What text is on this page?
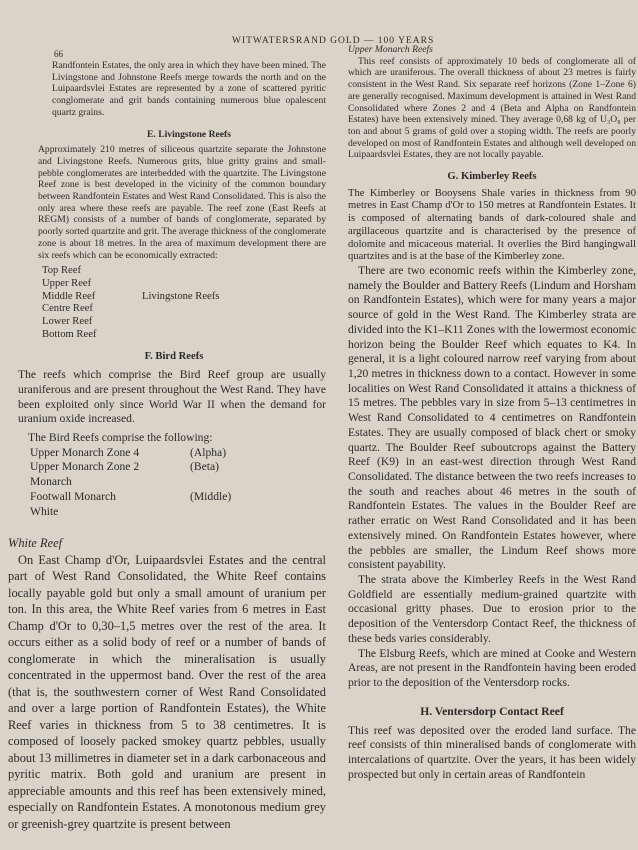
66
WITWATERSRAND GOLD — 100 YEARS

Randfontein Estates, the only area in which they have been mined. The Livingstone and Johnstone Reefs merge towards the north and on the Luipaardsvlei Estates are represented by a zone of scattered pyritic conglomerate and grit bands containing numerous blue opalescent quartz grains.

E. Livingstone Reefs

Approximately 210 metres of siliceous quartzite separate the Johnstone and Livingstone Reefs. Numerous grits, blue gritty grains and small-pebble conglomerates are interbedded with the quartzite. The Livingstone Reef zone is best developed in the vicinity of the common boundary between Randfontein Estates and West Rand Consolidated. This is also the only area where these reefs are payable. The reef zone (East Reefs at REGM) consists of a number of bands of conglomerate, separated by poorly sorted quartzite and grit. The average thickness of the conglomerate zone is about 18 metres. In the area of maximum development there are six reefs which can be economically extracted:

Top Reef
Upper Reef
Middle Reef	Livingstone Reefs
Centre Reef
Lower Reef
Bottom Reef
F. Bird Reefs

The reefs which comprise the Bird Reef group are usually uraniferous and are present throughout the West Rand. They have been exploited only since World War II when the demand for uranium oxide increased.

The Bird Reefs comprise the following:

Upper Monarch Zone 4	(Alpha)
Upper Monarch Zone 2	(Beta)
Monarch
Footwall Monarch	(Middle)
White
White Reef

On East Champ d'Or, Luipaardsvlei Estates and the central part of West Rand Consolidated, the White Reef contains locally payable gold but only a small amount of uranium per ton. In this area, the White Reef varies from 6 metres in East Champ d'Or to 0,30–1,5 metres over the rest of the area. It occurs either as a solid body of reef or a number of bands of conglomerate in which the mineralisation is usually concentrated in the uppermost band. Over the rest of the area (that is, the southwestern corner of West Rand Consolidated and over a large portion of Randfontein Estates), the White Reef varies in thickness from 5 to 38 centimetres. It is composed of loosely packed smokey quartz pebbles, usually about 13 millimetres in diameter set in a dark carbonaceous and pyritic matrix. Both gold and uranium are present in appreciable amounts and this reef has been extensively mined, especially on Randfontein Estates. A monotonous medium grey or greenish-grey quartzite is present between

Upper Monarch Reefs

This reef consists of approximately 10 beds of conglomerate all of which are uraniferous. The overall thickness of about 23 metres is fairly consistent in the West Rand. Six separate reef horizons (Zone 1–Zone 6) are generally recognised. Maximum development is attained in West Rand Consolidated where Zones 2 and 4 (Beta and Alpha on Randfontein Estates) have been extensively mined. They average 0,68 kg of U₃O₈ per ton and about 5 grams of gold over a stoping width. The reefs are poorly developed on most of Randfontein Estates and although well developed on Luipaardsvlei Estates, they are not locally payable.

G. Kimberley Reefs

The Kimberley or Booysens Shale varies in thickness from 90 metres in East Champ d'Or to 150 metres at Randfontein Estates. It is composed of alternating bands of dark-coloured shale and argillaceous quartzite and is characterised by the presence of dolomite and micaceous material. It overlies the Bird hangingwall quartzites and is at the base of the Kimberley zone.

There are two economic reefs within the Kimberley zone, namely the Boulder and Battery Reefs (Lindum and Horsham on Randfontein Estates), which were for many years a major source of gold in the West Rand. The Kimberley strata are divided into the K1–K11 Zones with the lowermost economic horizon being the Boulder Reef which equates to K4. In general, it is a light coloured narrow reef varying from about 1,20 metres in thickness down to a contact. However in some localities on West Rand Consolidated it attains a thickness of 15 metres. The pebbles vary in size from 5–13 centimetres in West Rand Consolidated to 4 centimetres on Randfontein Estates. They are usually composed of black chert or smoky quartz. The Boulder Reef suboutcrops against the Battery Reef (K9) in an east-west direction through West Rand Consolidated. The distance between the two reefs increases to the south and reaches about 46 metres in the south of Randfontein Estates. The values in the Boulder Reef are rather erratic on West Rand Consolidated and it has been extensively mined. On Randfontein Estates however, where the pebbles are smaller, the Lindum Reef shows more consistent payability.

The strata above the Kimberley Reefs in the West Rand Goldfield are essentially medium-grained quartzite with occasional gritty phases. Due to erosion prior to the deposition of the Ventersdorp Contact Reef, the thickness of these beds varies considerably.

The Elsburg Reefs, which are mined at Cooke and Western Areas, are not present in the Randfontein having been eroded prior to the deposition of the Ventersdorp rocks.

H. Ventersdorp Contact Reef

This reef was deposited over the eroded land surface. The reef consists of thin mineralised bands of conglomerate with intercalations of quartzite. Over the years, it has been widely prospected but only in certain areas of Randfontein
